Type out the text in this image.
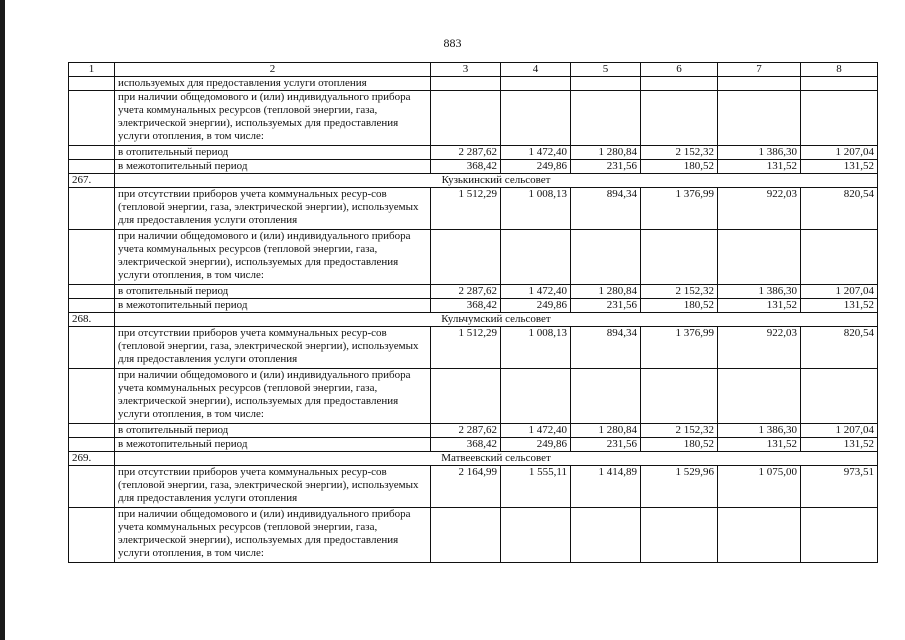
883
1	2	3	4	5	6	7	8
	используемых для предоставления услуги отопления						
	при наличии общедомового и (или) индивидуального прибора учета коммунальных ресурсов (тепловой энергии, газа, электрической энергии), используемых для предоставления услуги отопления, в том числе:						
	в отопительный период	2 287,62	1 472,40	1 280,84	2 152,32	1 386,30	1 207,04
	в межотопительный период	368,42	249,86	231,56	180,52	131,52	131,52
267.	Кузькинский сельсовет						
	при отсутствии приборов учета коммунальных ресур-сов (тепловой энергии, газа, электрической энергии), используемых для предоставления услуги отопления	1 512,29	1 008,13	894,34	1 376,99	922,03	820,54
	при наличии общедомового и (или) индивидуального прибора учета коммунальных ресурсов (тепловой энергии, газа, электрической энергии), используемых для предоставления услуги отопления, в том числе:						
	в отопительный период	2 287,62	1 472,40	1 280,84	2 152,32	1 386,30	1 207,04
	в межотопительный период	368,42	249,86	231,56	180,52	131,52	131,52
268.	Кульчумский сельсовет						
	при отсутствии приборов учета коммунальных ресур-сов (тепловой энергии, газа, электрической энергии), используемых для предоставления услуги отопления	1 512,29	1 008,13	894,34	1 376,99	922,03	820,54
	при наличии общедомового и (или) индивидуального прибора учета коммунальных ресурсов (тепловой энергии, газа, электрической энергии), используемых для предоставления услуги отопления, в том числе:						
	в отопительный период	2 287,62	1 472,40	1 280,84	2 152,32	1 386,30	1 207,04
	в межотопительный период	368,42	249,86	231,56	180,52	131,52	131,52
269.	Матвеевский сельсовет						
	при отсутствии приборов учета коммунальных ресур-сов (тепловой энергии, газа, электрической энергии), используемых для предоставления услуги отопления	2 164,99	1 555,11	1 414,89	1 529,96	1 075,00	973,51
	при наличии общедомового и (или) индивидуального прибора учета коммунальных ресурсов (тепловой энергии, газа, электрической энергии), используемых для предоставления услуги отопления, в том числе:						
